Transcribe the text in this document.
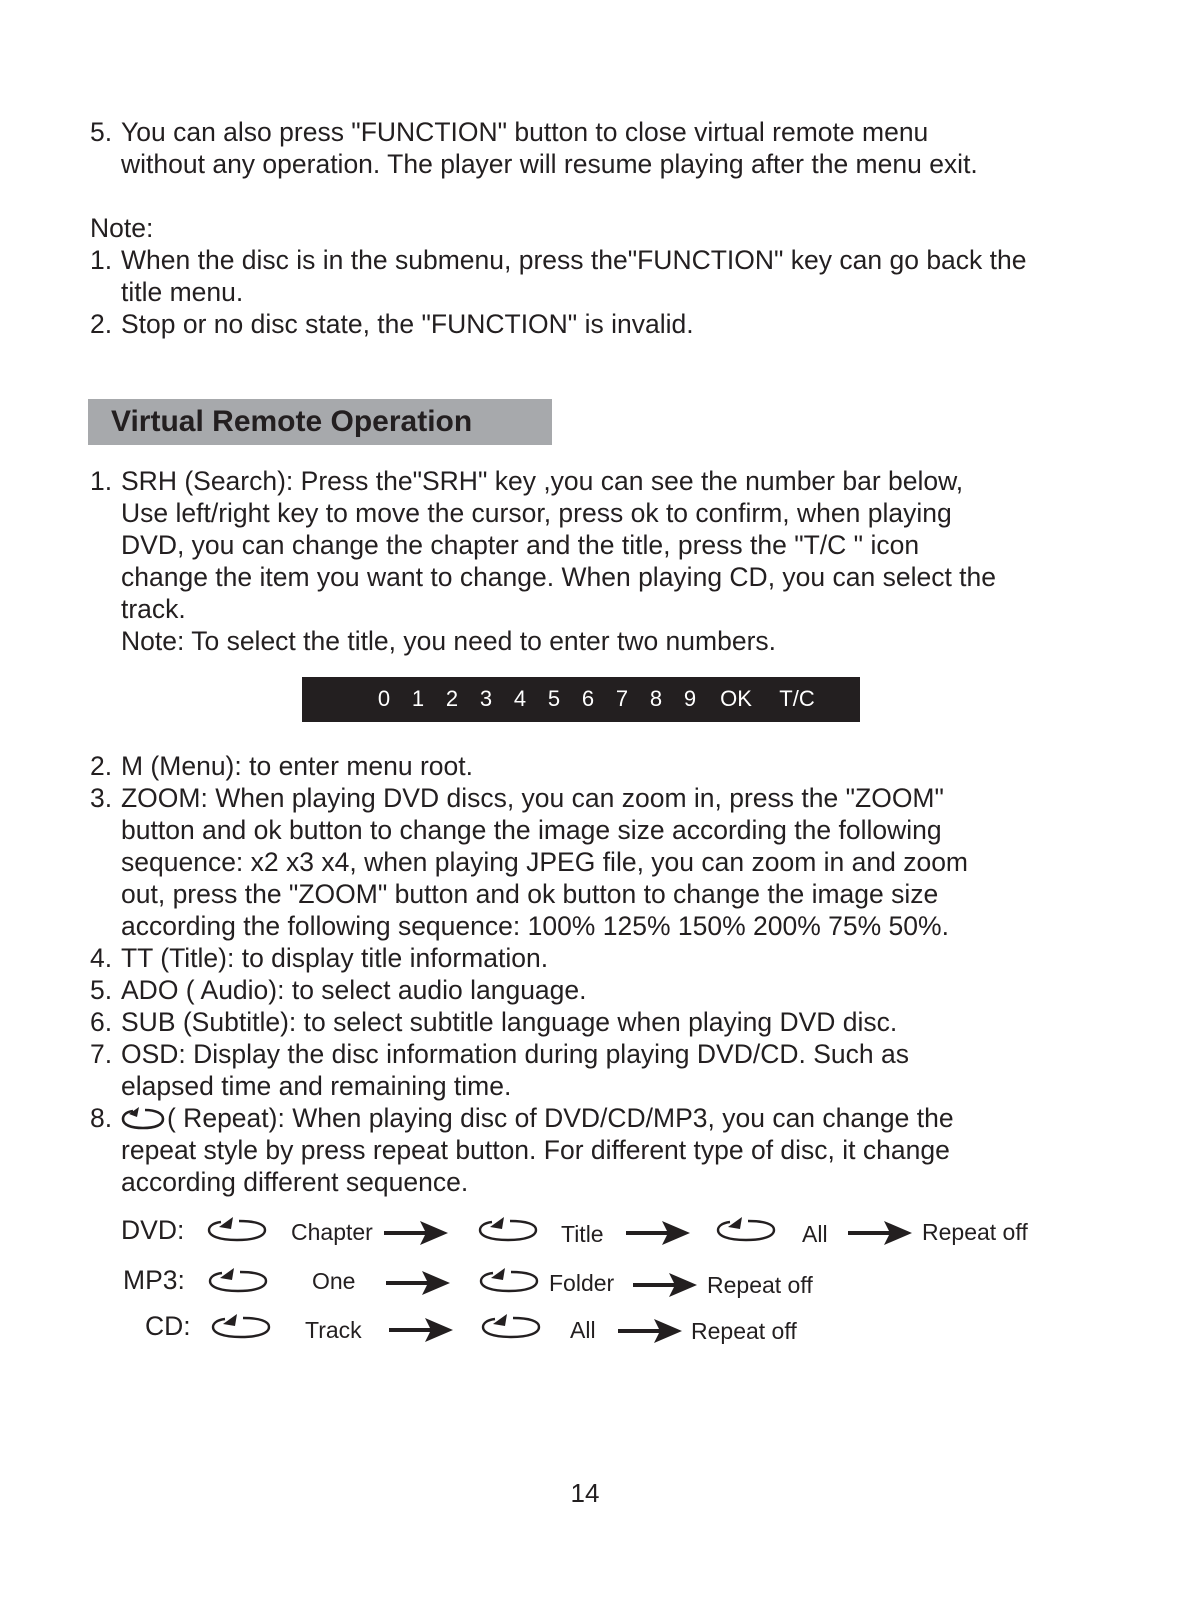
5. You can also press "FUNCTION" button to close virtual remote menu
without any operation. The player will resume playing after the menu exit.
Note:
1. When the disc is in the submenu, press the"FUNCTION" key can go back the
title menu.
2. Stop or no disc state, the "FUNCTION" is invalid.
Virtual Remote Operation
1. SRH (Search): Press the"SRH" key ,you can see the number bar below,
Use left/right key to move the cursor, press ok to confirm, when playing
DVD, you can change the chapter and the title, press the "T/C " icon
change the item you want to change. When playing CD, you can select the
track.
Note: To select the title, you need to enter two numbers.
0 1 2 3 4 5 6 7 8 9 OK T/C
2. M (Menu): to enter menu root.
3. ZOOM: When playing DVD discs, you can zoom in, press the "ZOOM"
button and ok button to change the image size according the following
sequence: x2 x3 x4, when playing JPEG file, you can zoom in and zoom
out, press the "ZOOM" button and ok button to change the image size
according the following sequence: 100% 125% 150% 200% 75% 50%.
4. TT (Title): to display title information.
5. ADO ( Audio): to select audio language.
6. SUB (Subtitle): to select subtitle language when playing DVD disc.
7. OSD: Display the disc information during playing DVD/CD. Such as
elapsed time and remaining time.
8.	( Repeat): When playing disc of DVD/CD/MP3, you can change the
repeat style by press repeat button. For different type of disc, it change
according different sequence.
DVD:	Chapter	Title	All	Repeat off
MP3:	One	Folder	Repeat off
CD:	Track	All	Repeat off
14
